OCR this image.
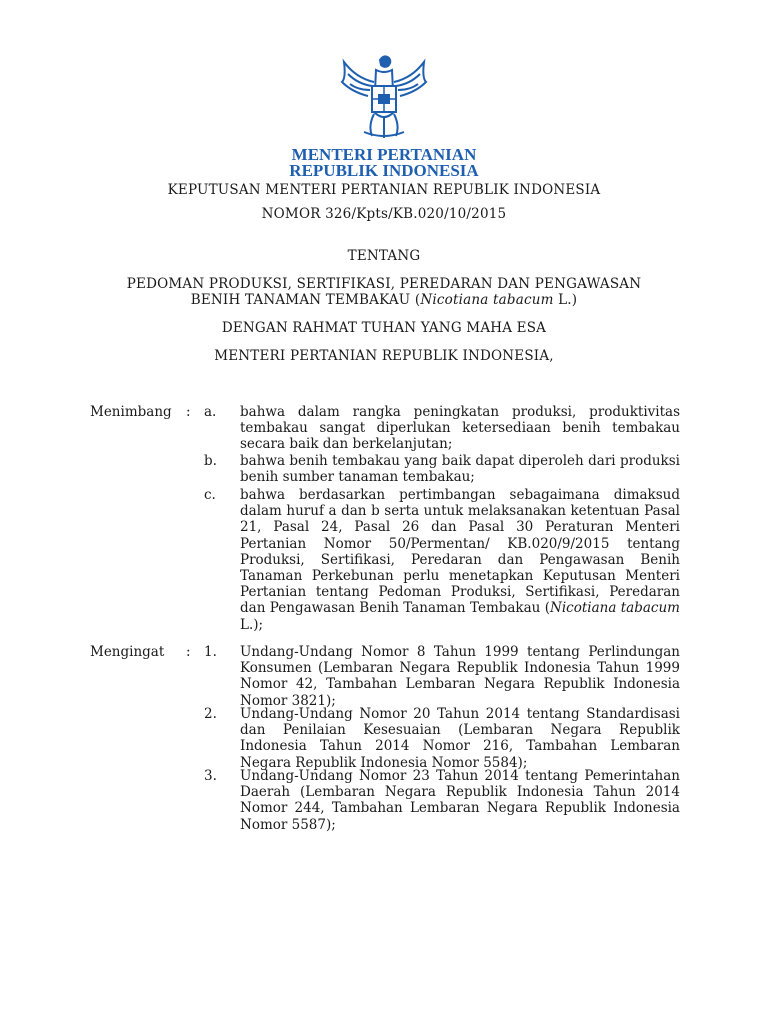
MENTERI PERTANIAN
REPUBLIK INDONESIA
KEPUTUSAN MENTERI PERTANIAN REPUBLIK INDONESIA
NOMOR 326/Kpts/KB.020/10/2015
TENTANG
PEDOMAN PRODUKSI, SERTIFIKASI, PEREDARAN DAN PENGAWASAN
BENIH TANAMAN TEMBAKAU (Nicotiana tabacum L.)
DENGAN RAHMAT TUHAN YANG MAHA ESA
MENTERI PERTANIAN REPUBLIK INDONESIA,
Menimbang : a. bahwa dalam rangka peningkatan produksi, produktivitas tembakau sangat diperlukan ketersediaan benih tembakau secara baik dan berkelanjutan;
b. bahwa benih tembakau yang baik dapat diperoleh dari produksi benih sumber tanaman tembakau;
c. bahwa berdasarkan pertimbangan sebagaimana dimaksud dalam huruf a dan b serta untuk melaksanakan ketentuan Pasal 21, Pasal 24, Pasal 26 dan Pasal 30 Peraturan Menteri Pertanian Nomor 50/Permentan/ KB.020/9/2015 tentang Produksi, Sertifikasi, Peredaran dan Pengawasan Benih Tanaman Perkebunan perlu menetapkan Keputusan Menteri Pertanian tentang Pedoman Produksi, Sertifikasi, Peredaran dan Pengawasan Benih Tanaman Tembakau (Nicotiana tabacum L.);
Mengingat : 1. Undang-Undang Nomor 8 Tahun 1999 tentang Perlindungan Konsumen (Lembaran Negara Republik Indonesia Tahun 1999 Nomor 42, Tambahan Lembaran Negara Republik Indonesia Nomor 3821);
2. Undang-Undang Nomor 20 Tahun 2014 tentang Standardisasi dan Penilaian Kesesuaian (Lembaran Negara Republik Indonesia Tahun 2014 Nomor 216, Tambahan Lembaran Negara Republik Indonesia Nomor 5584);
3. Undang-Undang Nomor 23 Tahun 2014 tentang Pemerintahan Daerah (Lembaran Negara Republik Indonesia Tahun 2014 Nomor 244, Tambahan Lembaran Negara Republik Indonesia Nomor 5587);
